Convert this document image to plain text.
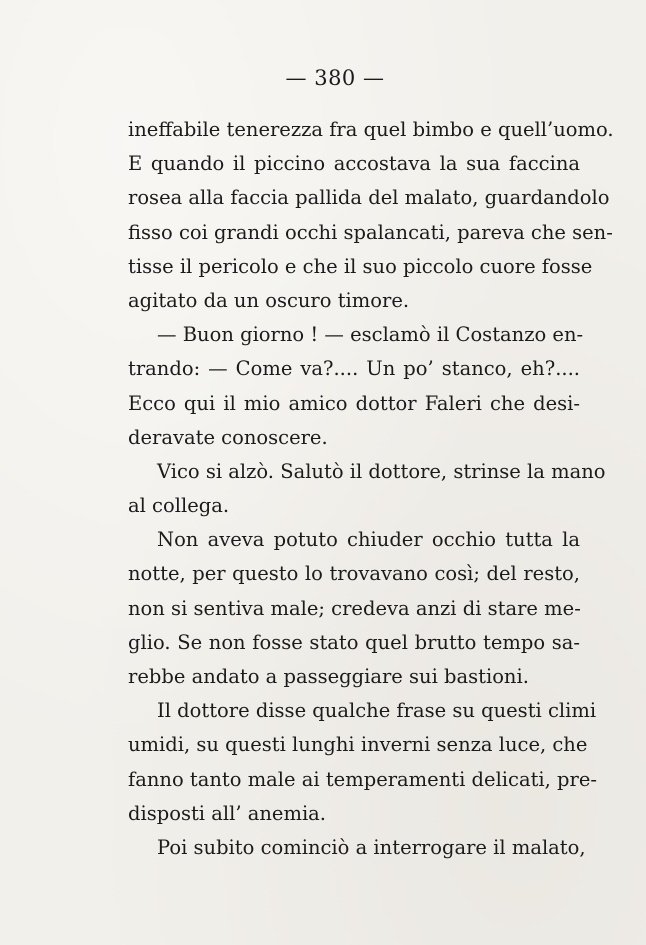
— 380 —
ineffabile tenerezza fra quel bimbo e quell’uomo.
E quando il piccino accostava la sua faccina
rosea alla faccia pallida del malato, guardandolo
fisso coi grandi occhi spalancati, pareva che sen-
tisse il pericolo e che il suo piccolo cuore fosse
agitato da un oscuro timore.
— Buon giorno ! — esclamò il Costanzo en-
trando: — Come va?.... Un po’ stanco, eh?....
Ecco qui il mio amico dottor Faleri che desi-
deravate conoscere.
Vico si alzò. Salutò il dottore, strinse la mano
al collega.
Non aveva potuto chiuder occhio tutta la
notte, per questo lo trovavano così; del resto,
non si sentiva male; credeva anzi di stare me-
glio. Se non fosse stato quel brutto tempo sa-
rebbe andato a passeggiare sui bastioni.
Il dottore disse qualche frase su questi climi
umidi, su questi lunghi inverni senza luce, che
fanno tanto male ai temperamenti delicati, pre-
disposti all’ anemia.
Poi subito cominciò a interrogare il malato,
